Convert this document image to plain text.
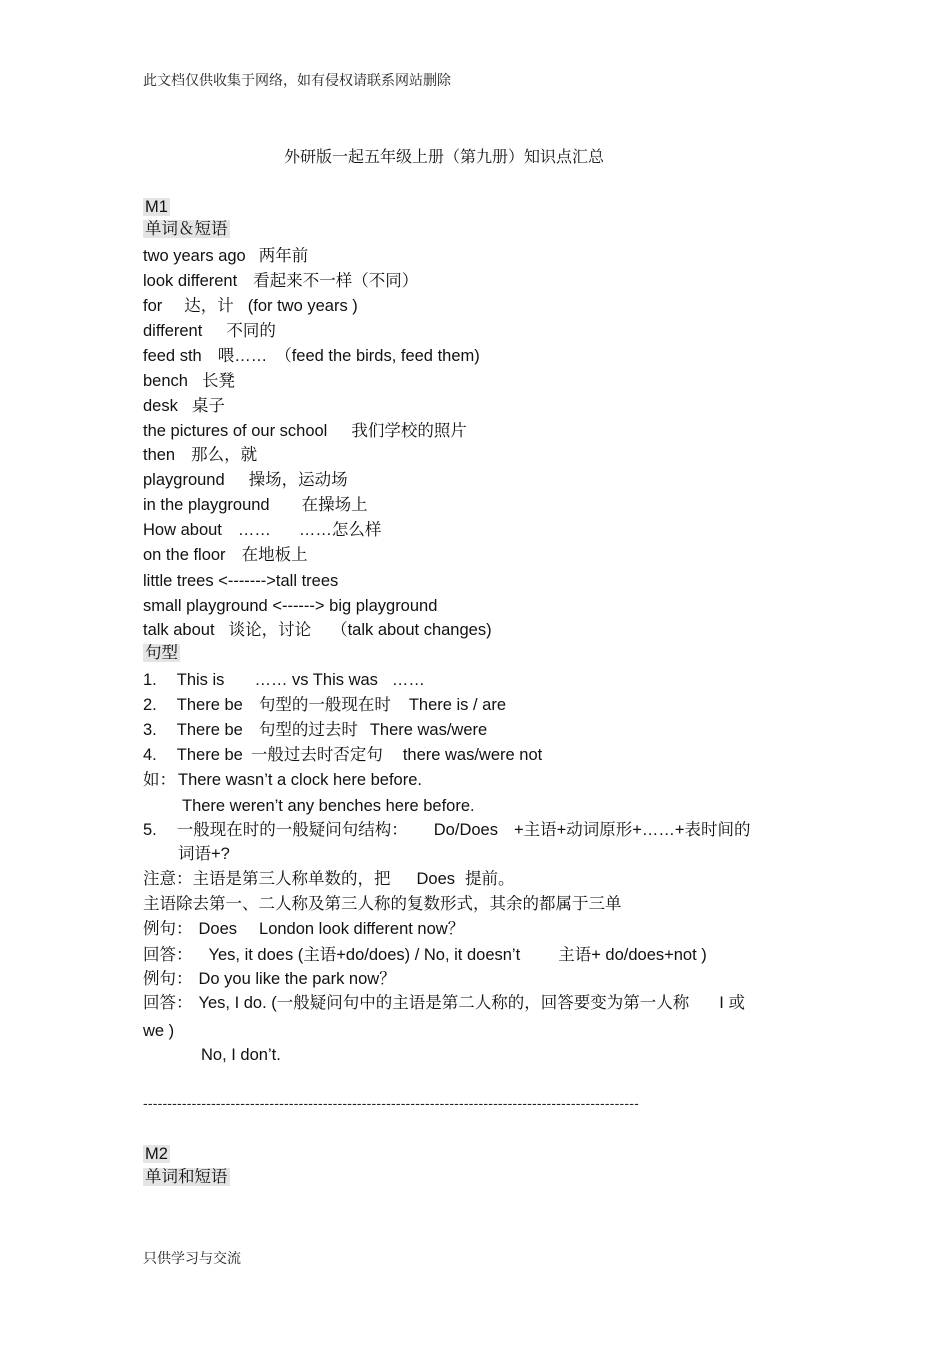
此文档仅供收集于网络，如有侵权请联系网站删除
外研版一起五年级上册（第九册）知识点汇总
只供学习与交流
M1
单词＆短语
two years ago 两年前
look different 看起来不一样（不同）
for 达，计 (for two years )
different 不同的
feed sth 喂…… （feed the birds, feed them)
bench 长凳
desk 桌子
the pictures of our school 我们学校的照片
then 那么，就
playground 操场，运动场
in the playground 在操场上
How about …… ……怎么样
on the floor 在地板上
little trees <------->tall trees
small playground <------> big playground
talk about 谈论，讨论 （talk about changes)
句型
1. This is …… vs This was ……
2. There be 句型的一般现在时 There is / are
3. There be 句型的过去时 There was/were
4. There be 一般过去时否定句 there was/were not
如： There wasn’t a clock here before.
There weren’t any benches here before.
5. 一般现在时的一般疑问句结构： Do/Does +主语+动词原形+……+表时间的
词语+?
注意：主语是第三人称单数的，把 Does 提前。
主语除去第一、二人称及第三人称的复数形式，其余的都属于三单
例句： Does London look different now？
回答： Yes, it does (主语+do/does) / No, it doesn’t 主语+ do/does+not )
例句： Do you like the park now？
回答： Yes, I do. (一般疑问句中的主语是第二人称的，回答要变为第一人称 I 或
we )
No, I don’t.
------------------------------------------------------------------------------------------------------
M2
单词和短语
